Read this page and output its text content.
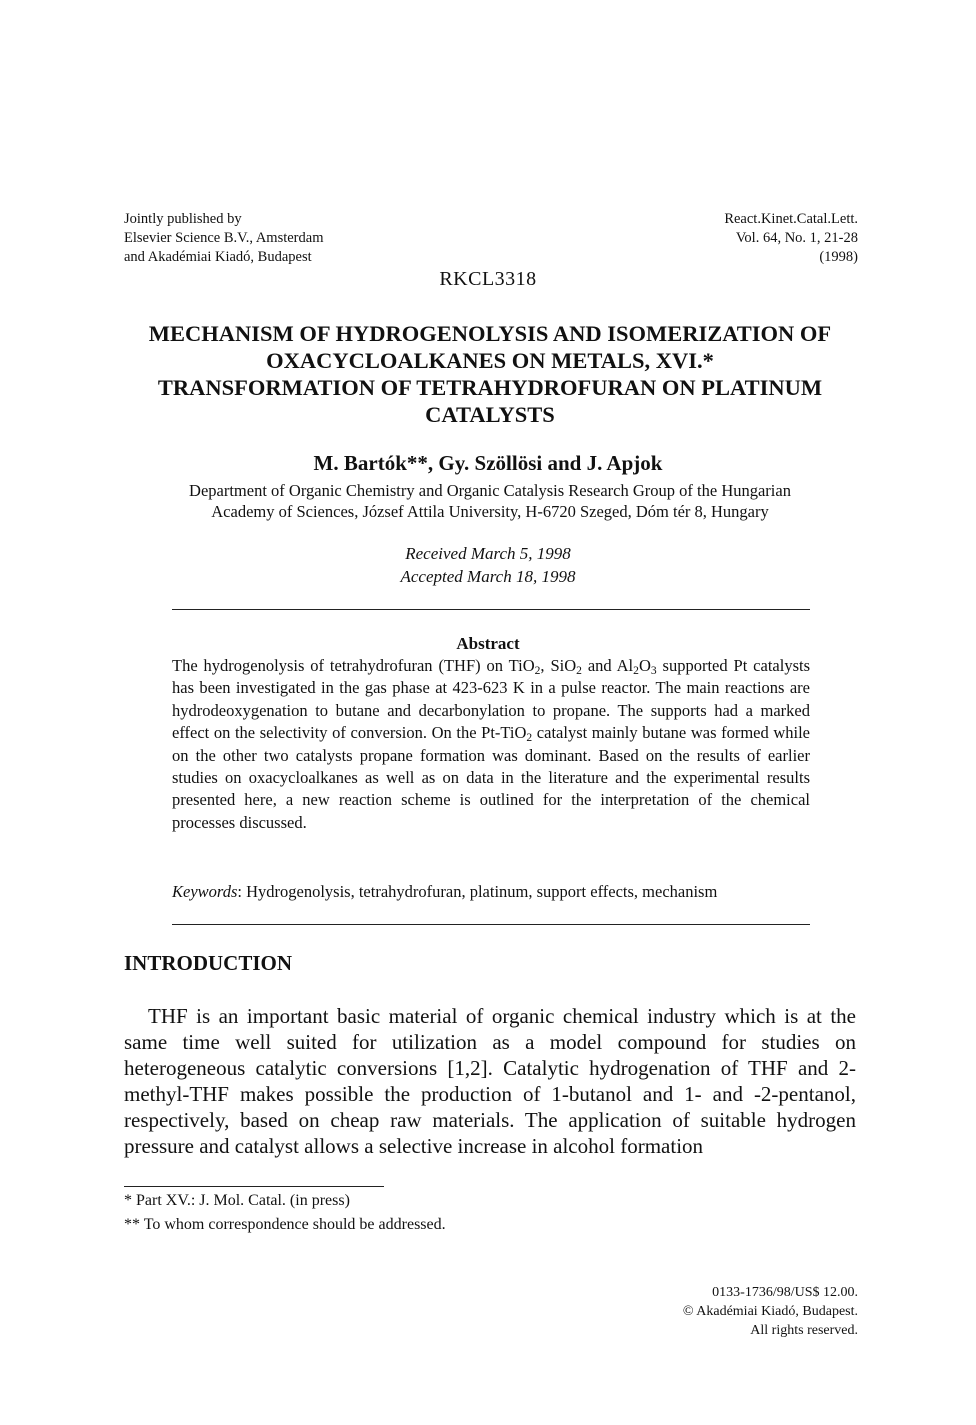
Jointly published by
Elsevier Science B.V., Amsterdam
and Akadémiai Kiadó, Budapest
React.Kinet.Catal.Lett.
Vol. 64, No. 1, 21-28
(1998)
RKCL3318
MECHANISM OF HYDROGENOLYSIS AND ISOMERIZATION OF
OXACYCLOALKANES ON METALS, XVI.*
TRANSFORMATION OF TETRAHYDROFURAN ON PLATINUM
CATALYSTS
M. Bartók**, Gy. Szöllösi and J. Apjok
Department of Organic Chemistry and Organic Catalysis Research Group of the Hungarian
Academy of Sciences, József Attila University, H-6720 Szeged, Dóm tér 8, Hungary
Received March 5, 1998
Accepted March 18, 1998
Abstract
The hydrogenolysis of tetrahydrofuran (THF) on TiO$_2$, SiO$_2$ and $Al_2O_3$ supported Pt catalysts has been investigated in the gas phase at 423-623 K in a pulse reactor. The main reactions are hydrodeoxygenation to butane and decarbonylation to propane. The supports had a marked effect on the selectivity of conversion. On the Pt-TiO$_2$ catalyst mainly butane was formed while on the other two catalysts propane formation was dominant. Based on the results of earlier studies on oxacycloalkanes as well as on data in the literature and the experimental results presented here, a new reaction scheme is outlined for the interpretation of the chemical processes discussed.
Keywords: Hydrogenolysis, tetrahydrofuran, platinum, support effects, mechanism
INTRODUCTION

THF is an important basic material of organic chemical industry which is at the same time well suited for utilization as a model compound for studies on heterogeneous catalytic conversions [1,2]. Catalytic hydrogenation of THF and 2-methyl-THF makes possible the production of 1-butanol and 1- and -2-pentanol, respectively, based on cheap raw materials. The application of suitable hydrogen pressure and catalyst allows a selective increase in alcohol formation

* Part XV.: J. Mol. Catal. (in press)
** To whom correspondence should be addressed.
0133-1736/98/US$ 12.00.
© Akadémiai Kiadó, Budapest.
All rights reserved.
